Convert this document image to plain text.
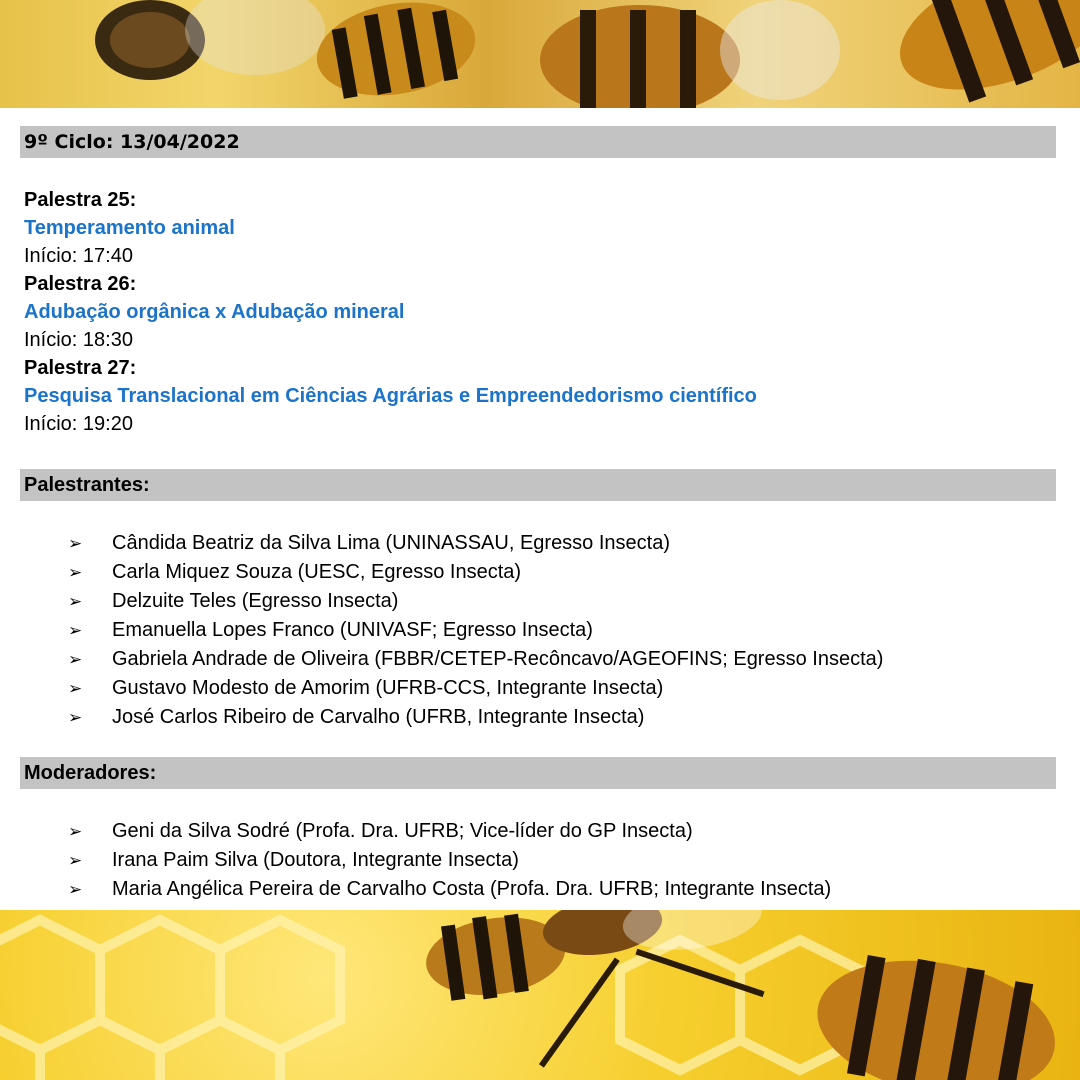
9º Ciclo: 13/04/2022
Palestra 25:
Temperamento animal
Início: 17:40
Palestra 26:
Adubação orgânica x Adubação mineral
Início: 18:30
Palestra 27:
Pesquisa Translacional em Ciências Agrárias e Empreendedorismo científico
Início: 19:20
Palestrantes:
➢ Cândida Beatriz da Silva Lima (UNINASSAU, Egresso Insecta)
➢ Carla Miquez Souza (UESC, Egresso Insecta)
➢ Delzuite Teles (Egresso Insecta)
➢ Emanuella Lopes Franco (UNIVASF; Egresso Insecta)
➢ Gabriela Andrade de Oliveira (FBBR/CETEP-Recôncavo/AGEOFINS; Egresso Insecta)
➢ Gustavo Modesto de Amorim (UFRB-CCS, Integrante Insecta)
➢ José Carlos Ribeiro de Carvalho (UFRB, Integrante Insecta)
Moderadores:
➢ Geni da Silva Sodré (Profa. Dra. UFRB; Vice-líder do GP Insecta)
➢ Irana Paim Silva (Doutora, Integrante Insecta)
➢ Maria Angélica Pereira de Carvalho Costa (Profa. Dra. UFRB; Integrante Insecta)
